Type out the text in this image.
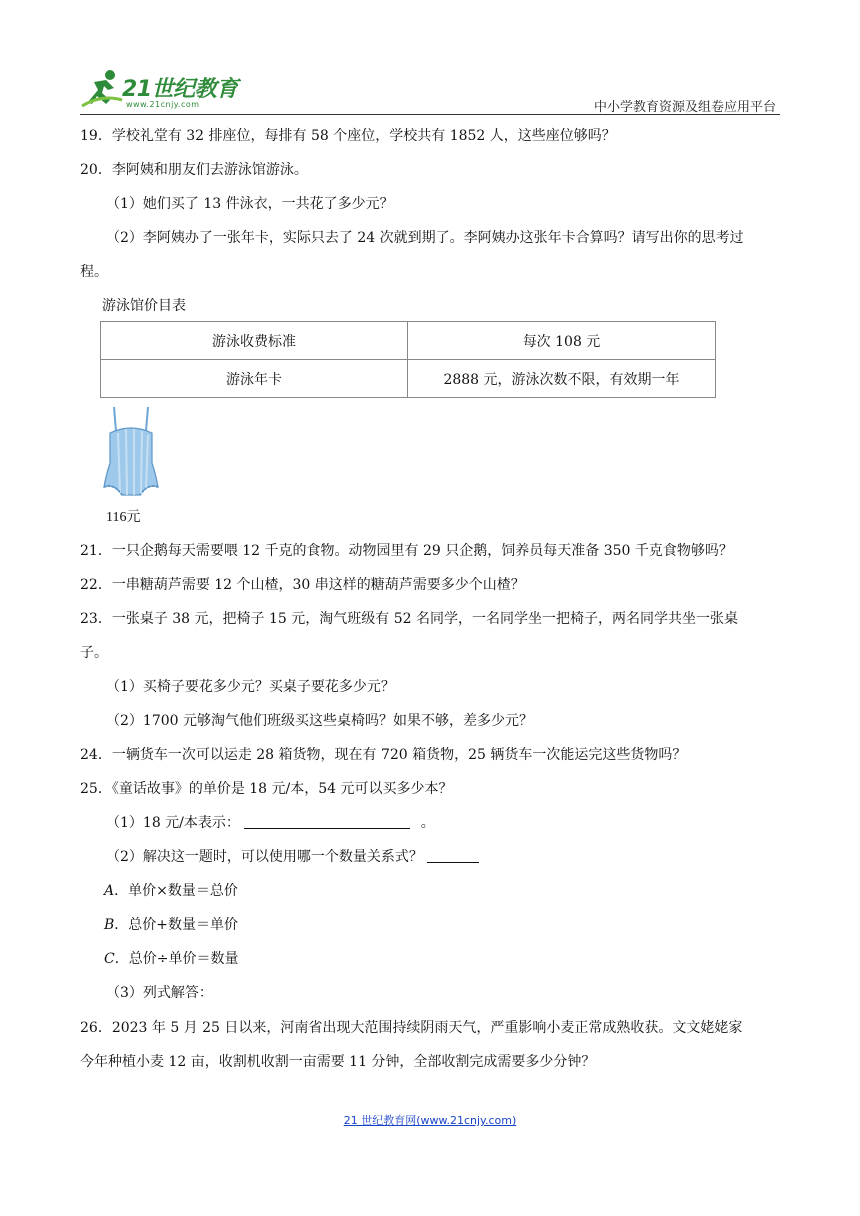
21世纪教育
www.21cnjy.com	中小学教育资源及组卷应用平台
19．学校礼堂有 32 排座位，每排有 58 个座位，学校共有 1852 人，这些座位够吗？
20．李阿姨和朋友们去游泳馆游泳。
（1）她们买了 13 件泳衣，一共花了多少元？
（2）李阿姨办了一张年卡，实际只去了 24 次就到期了。李阿姨办这张年卡合算吗？请写出你的思考过
程。
游泳馆价目表
游泳收费标准	每次 108 元
游泳年卡	2888 元，游泳次数不限，有效期一年
116元
21．一只企鹅每天需要喂 12 千克的食物。动物园里有 29 只企鹅，饲养员每天准备 350 千克食物够吗？
22．一串糖葫芦需要 12 个山楂，30 串这样的糖葫芦需要多少个山楂？
23．一张桌子 38 元，把椅子 15 元，淘气班级有 52 名同学，一名同学坐一把椅子，两名同学共坐一张桌
子。
（1）买椅子要花多少元？买桌子要花多少元？
（2）1700 元够淘气他们班级买这些桌椅吗？如果不够，差多少元？
24．一辆货车一次可以运走 28 箱货物，现在有 720 箱货物，25 辆货车一次能运完这些货物吗？
25．《童话故事》的单价是 18 元/本，54 元可以买多少本？
（1）18 元/本表示：	。
（2）解决这一题时，可以使用哪一个数量关系式？
A．单价×数量＝总价
B．总价+数量＝单价
C．总价÷单价＝数量
（3）列式解答：
26．2023 年 5 月 25 日以来，河南省出现大范围持续阴雨天气，严重影响小麦正常成熟收获。文文姥姥家
今年种植小麦 12 亩，收割机收割一亩需要 11 分钟，全部收割完成需要多少分钟？
21 世纪教育网(www.21cnjy.com)
